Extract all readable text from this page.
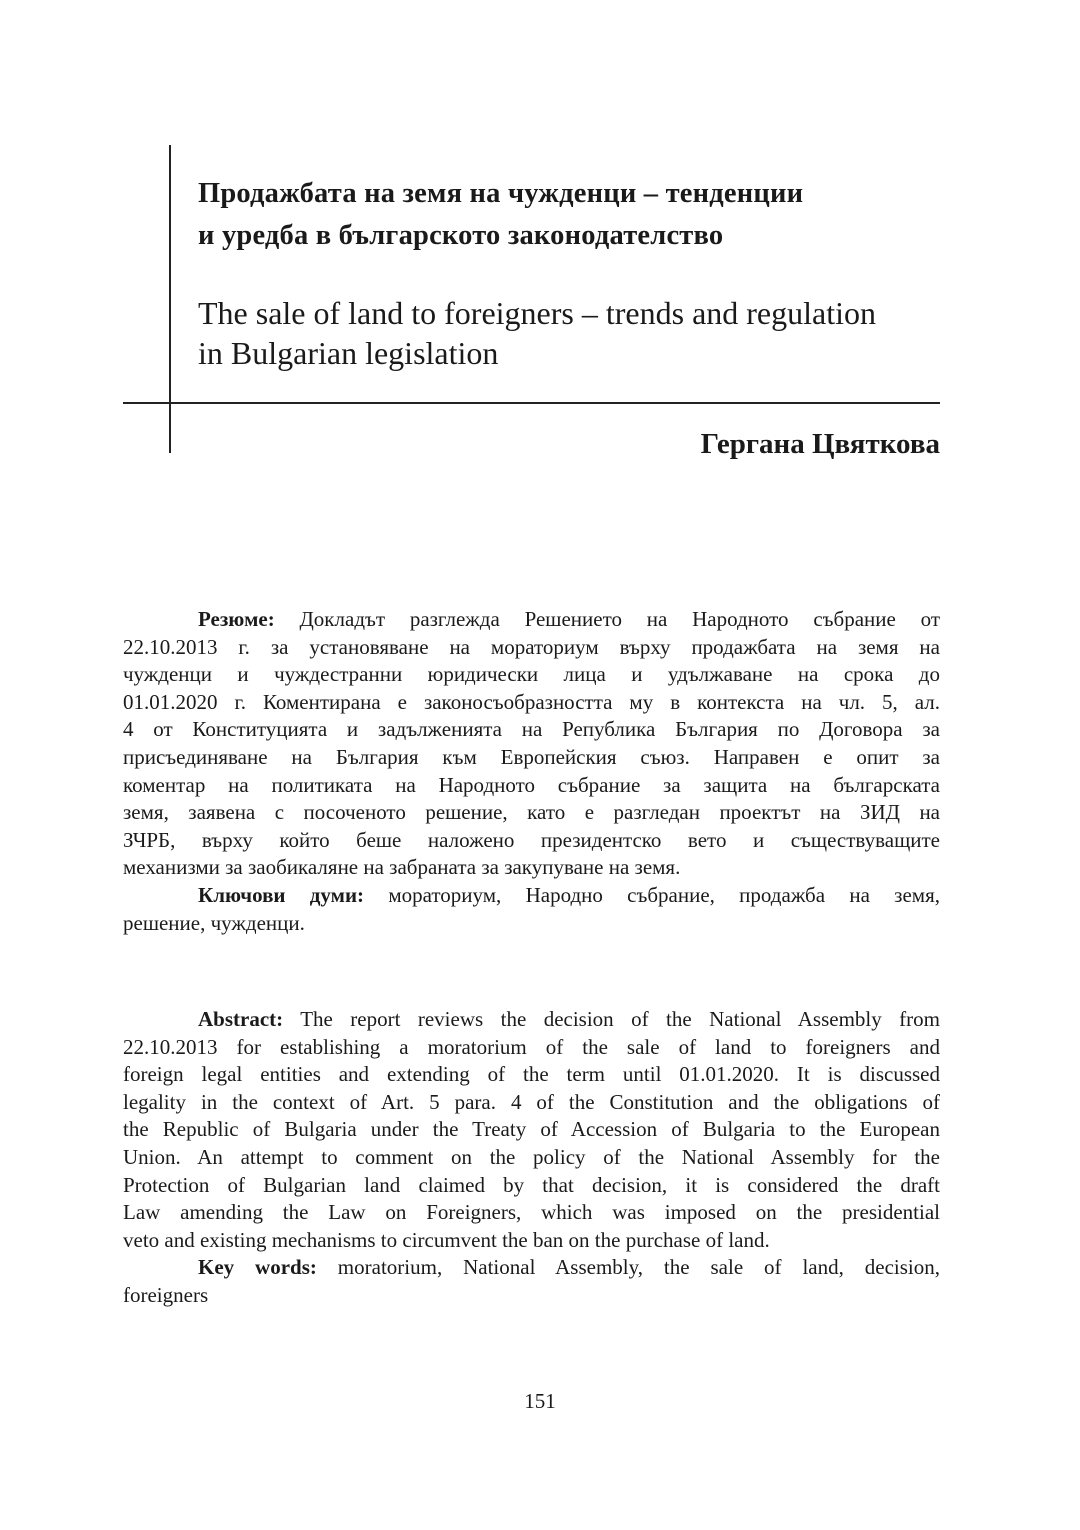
Продажбата на земя на чужденци – тенденции
и уредба в българското законодателство
The sale of land to foreigners – trends and regulation
in Bulgarian legislation
Гергана Цвяткова
Резюме: Докладът разглежда Решението на Народното събрание от
22.10.2013 г. за установяване на мораториум върху продажбата на земя на
чужденци и чуждестранни юридически лица и удължаване на срока до
01.01.2020 г. Коментирана е законосъобразността му в контекста на чл. 5, ал.
4 от Конституцията и задълженията на Република България по Договора за
присъединяване на България към Европейския съюз. Направен е опит за
коментар на политиката на Народното събрание за защита на българската
земя, заявена с посоченото решение, като е разгледан проектът на ЗИД на
ЗЧРБ, върху който беше наложено президентско вето и съществуващите
механизми за заобикаляне на забраната за закупуване на земя.
Ключови думи: мораториум, Народно събрание, продажба на земя,
решение, чужденци.
Abstract: The report reviews the decision of the National Assembly from
22.10.2013 for establishing a moratorium of the sale of land to foreigners and
foreign legal entities and extending of the term until 01.01.2020. It is discussed
legality in the context of Art. 5 para. 4 of the Constitution and the obligations of
the Republic of Bulgaria under the Treaty of Accession of Bulgaria to the European
Union. An attempt to comment on the policy of the National Assembly for the
Protection of Bulgarian land claimed by that decision, it is considered the draft
Law amending the Law on Foreigners, which was imposed on the presidential
veto and existing mechanisms to circumvent the ban on the purchase of land.
Key words: moratorium, National Assembly, the sale of land, decision,
foreigners
151
